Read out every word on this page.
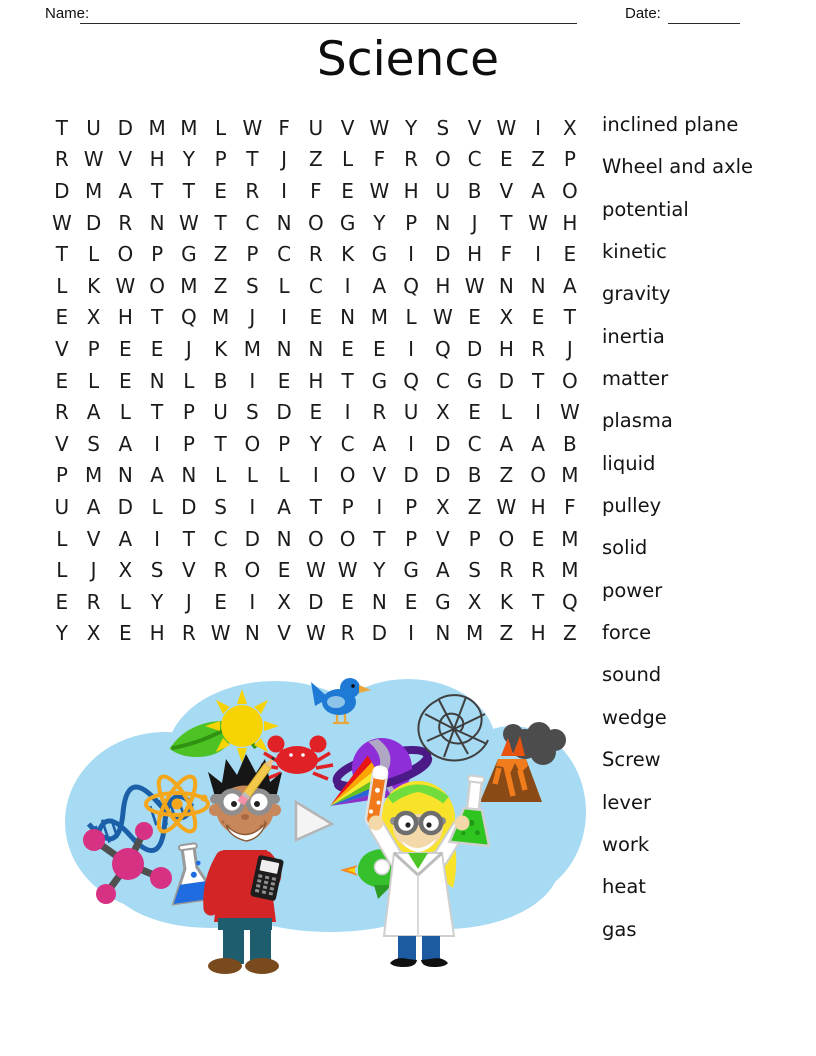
Name:	Date:
Science
T U D M M L W F U V W Y S V W I	X
R W V H Y P T	J	Z L	F R O C E Z P
D M A T T E R	I	F E W H U B V A O
W D R N W T C N O G Y P N	J	T W H
T	L O P G Z P C R K G	I	D H F	I	E
L K W O M Z S L C	I	A Q H W N N A
E X H T Q M	J	I	E N M L W E X E T
V P E E	J	K M N N E E	I	Q D H R	J
E L E N L B	I	E H T G Q C G D T O
R A L	T P U S D E	I	R U X E L	I W
V S A	I	P T O P Y C A	I	D C A A B
P M N A N L	L	L	I	O V D D B Z O M
U A D L D S	I	A T P	I	P X Z W H F
L V A	I	T C D N O O T P V P O E M
L	J	X S V R O E W W Y G A S R R M
E R L	Y	J	E	I	X D E N E G X K T Q
Y X E H R W N V W R D	I	N M Z H Z
inclined plane
Wheel and axle
potential
kinetic
gravity
inertia
matter
plasma
liquid
pulley
solid
power
force
sound
wedge
Screw
lever
work
heat
gas
